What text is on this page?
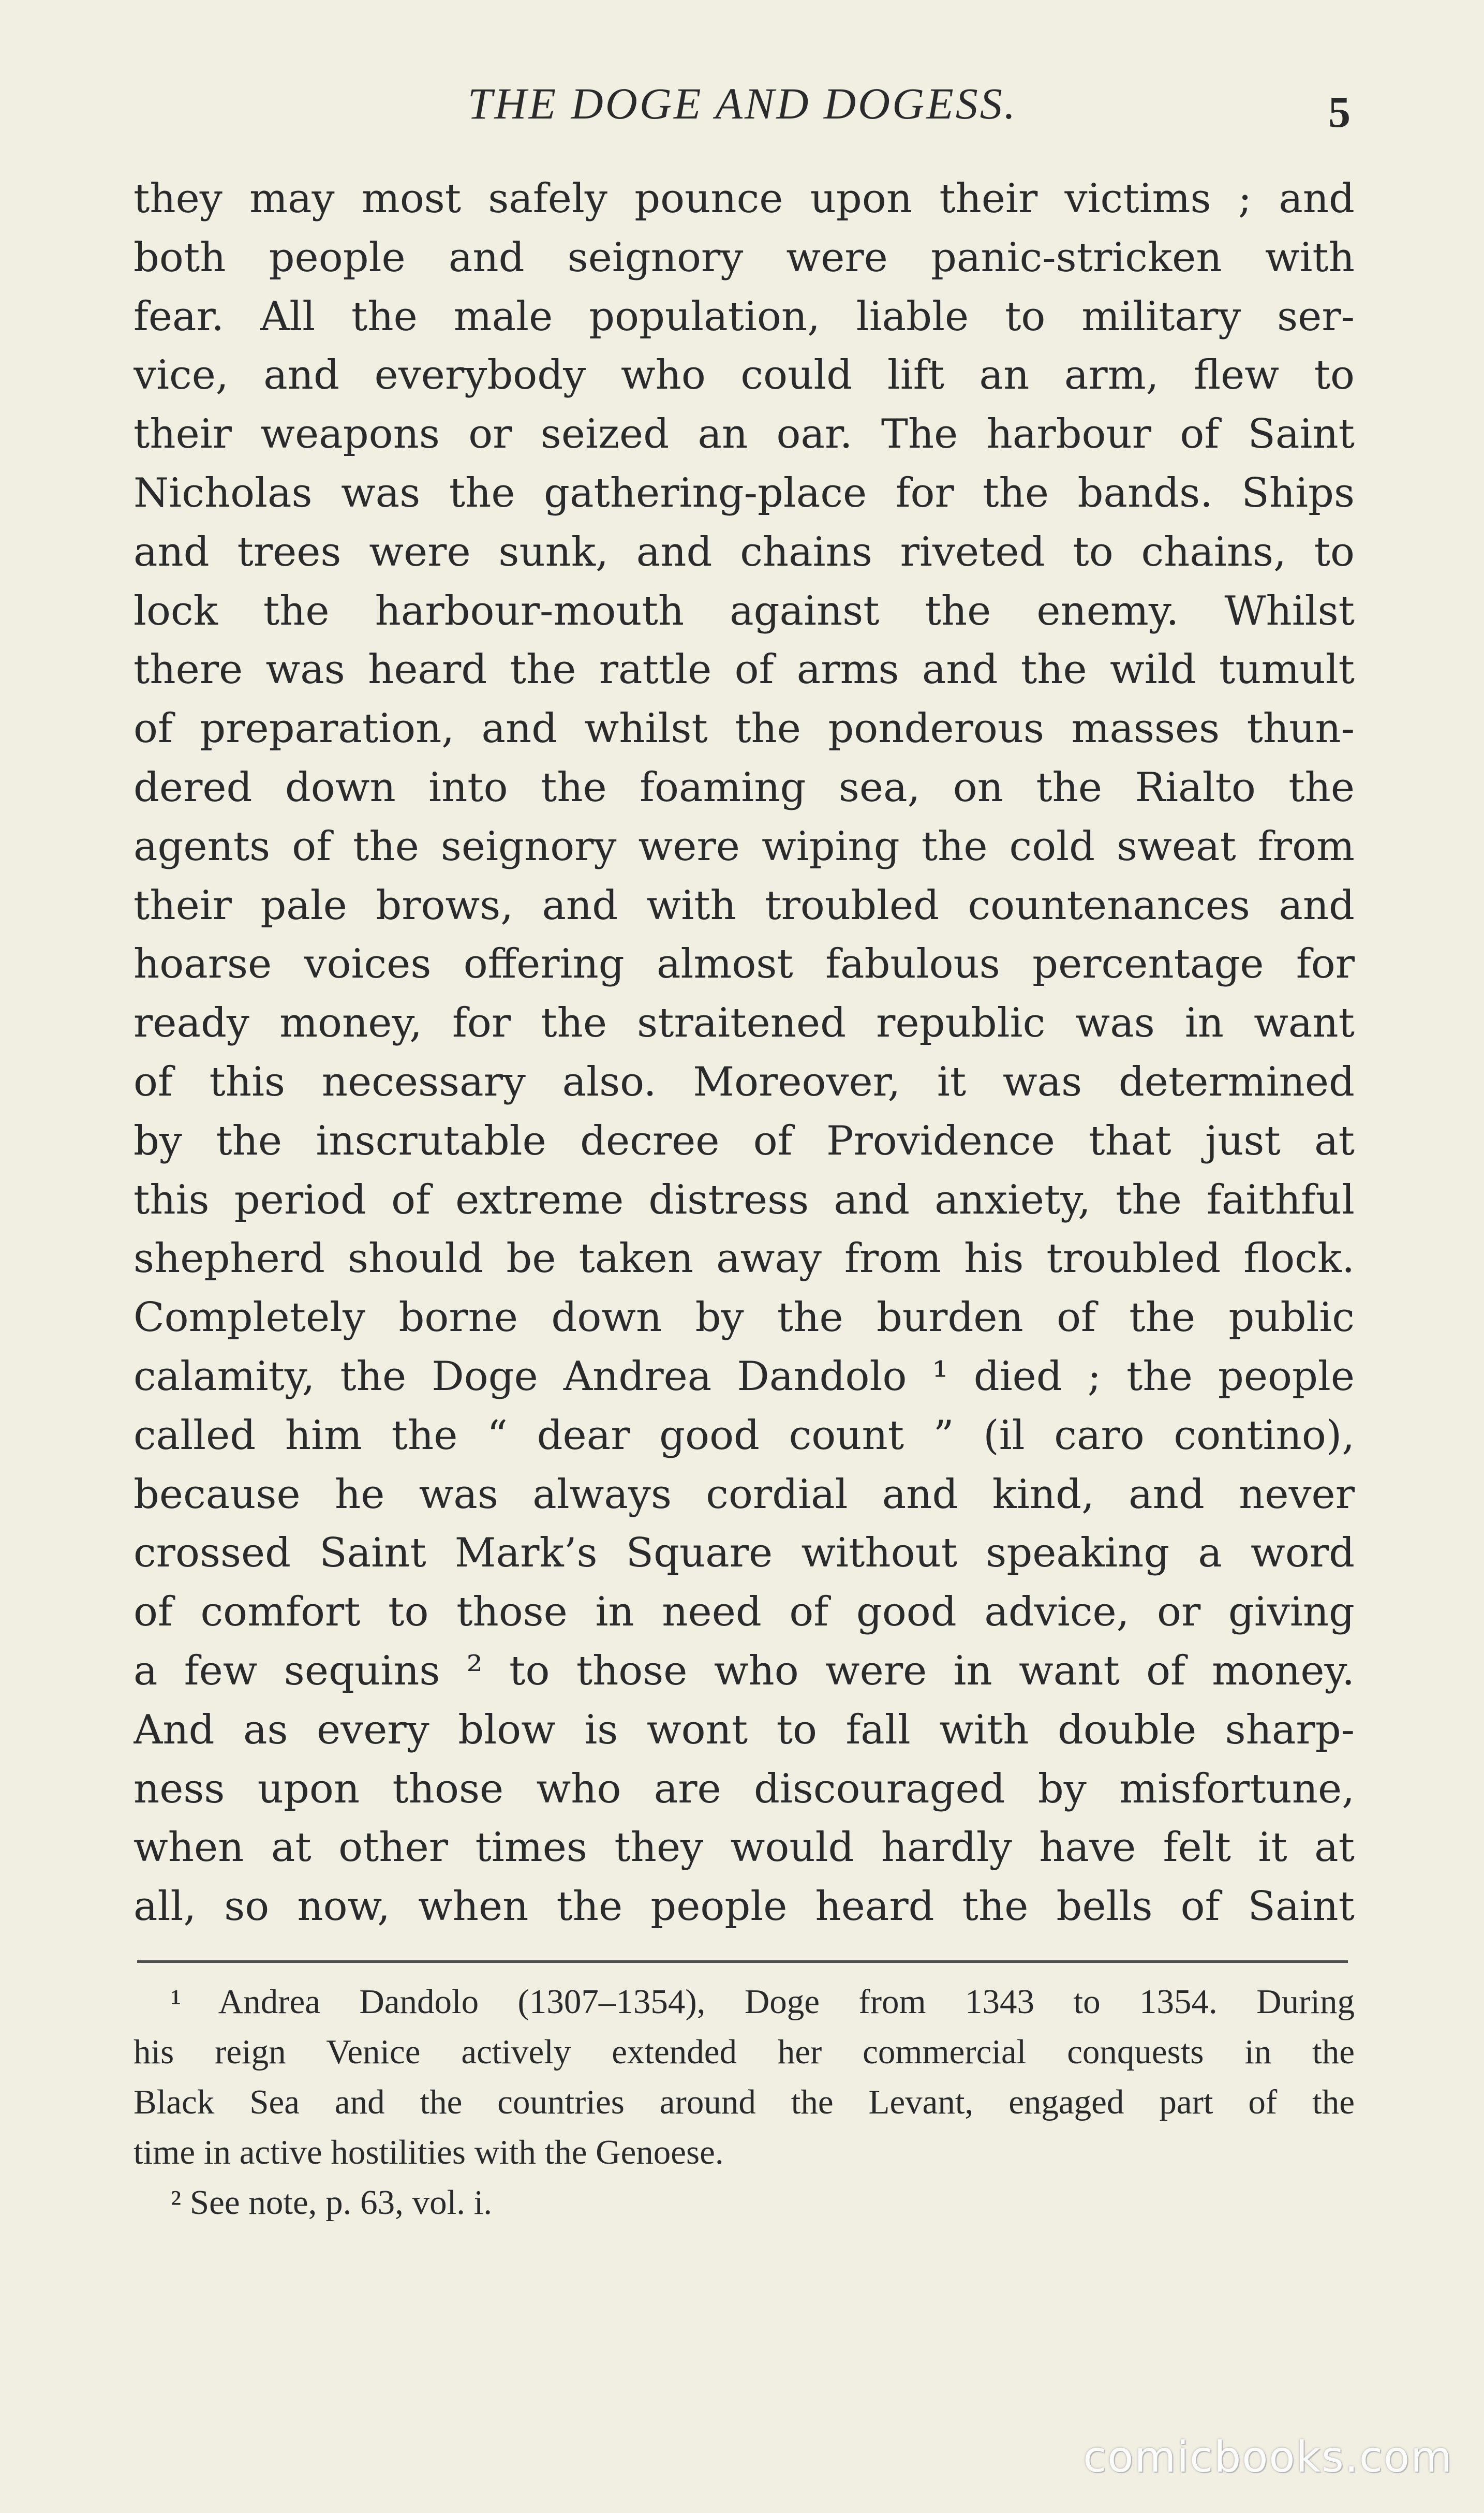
THE DOGE AND DOGESS.	5
they may most safely pounce upon their victims ; and
both people and seignory were panic-stricken with
fear. All the male population, liable to military ser-
vice, and everybody who could lift an arm, flew to
their weapons or seized an oar. The harbour of Saint
Nicholas was the gathering-place for the bands. Ships
and trees were sunk, and chains riveted to chains, to
lock the harbour-mouth against the enemy. Whilst
there was heard the rattle of arms and the wild tumult
of preparation, and whilst the ponderous masses thun-
dered down into the foaming sea, on the Rialto the
agents of the seignory were wiping the cold sweat from
their pale brows, and with troubled countenances and
hoarse voices offering almost fabulous percentage for
ready money, for the straitened republic was in want
of this necessary also. Moreover, it was determined
by the inscrutable decree of Providence that just at
this period of extreme distress and anxiety, the faithful
shepherd should be taken away from his troubled flock.
Completely borne down by the burden of the public
calamity, the Doge Andrea Dandolo ¹ died ; the people
called him the “ dear good count ” (il caro contino),
because he was always cordial and kind, and never
crossed Saint Mark’s Square without speaking a word
of comfort to those in need of good advice, or giving
a few sequins ² to those who were in want of money.
And as every blow is wont to fall with double sharp-
ness upon those who are discouraged by misfortune,
when at other times they would hardly have felt it at
all, so now, when the people heard the bells of Saint
¹ Andrea Dandolo (1307–1354), Doge from 1343 to 1354. During
his reign Venice actively extended her commercial conquests in the
Black Sea and the countries around the Levant, engaged part of the
time in active hostilities with the Genoese.
² See note, p. 63, vol. i.
comicbooks.com
